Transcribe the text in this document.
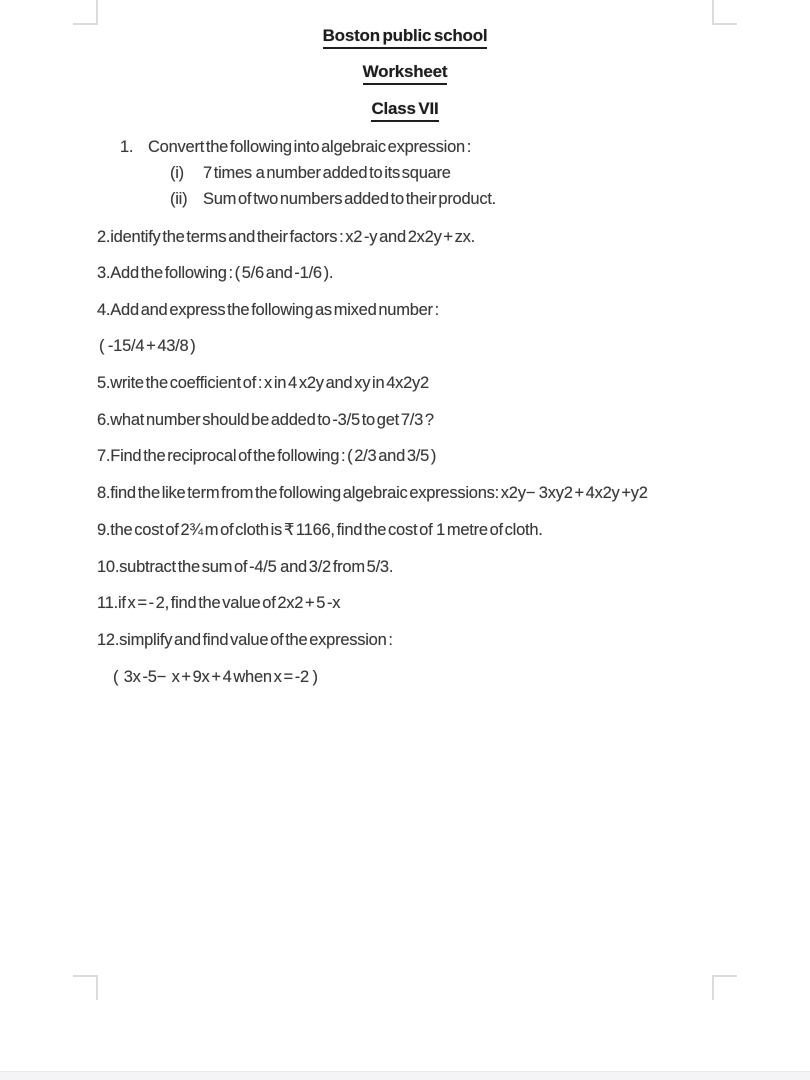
Boston public school
Worksheet
Class VII
1. Convert the following into algebraic expression :
(i)	7 times  a number added to its square
(ii) Sum of two numbers added to their product.
2.identify the terms and their factors : x2 -y and 2x2y + zx.
3.Add the following : ( 5/6 and -1/6 ).
4.Add and express the following as mixed number :
(  -15/4 + 43/8 )
5.write the coefficient of : x in 4 x2y and xy in 4x2y2
6.what number should be added to -3/5 to get 7/3 ?
7.Find the reciprocal of the following : ( 2/3 and 3/5 )
8.find the like term from the following algebraic expressions: x2y−  3xy2 + 4x2y +y2
9.the cost of 2¾ m of cloth is ₹ 1166, find the cost of  1 metre of cloth.
10.subtract the sum of -4/5  and 3/2 from 5/3.
11.if x = - 2, find the value of 2x2 + 5 -x
12.simplify and find value of the expression :
(   3x -5−   x + 9x + 4 when x = -2  )
